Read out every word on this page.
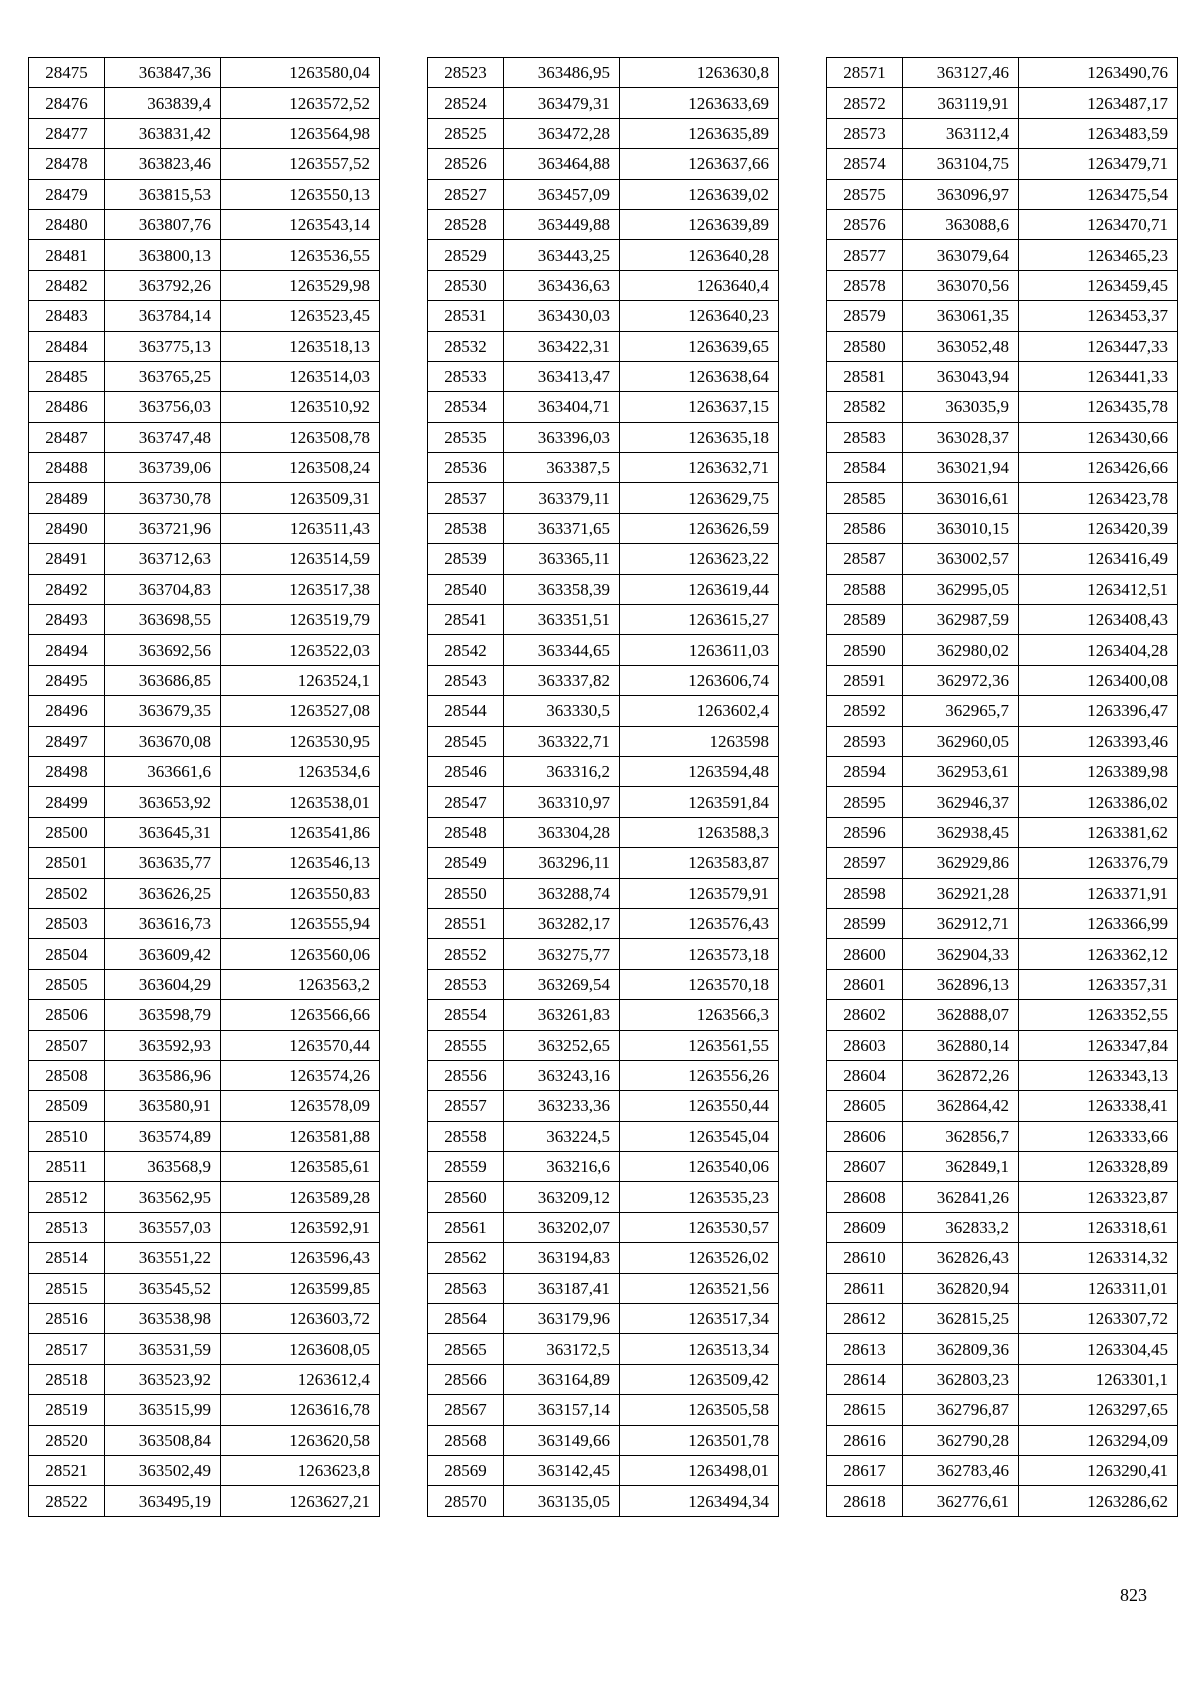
28475	363847,36	1263580,04
28476	363839,4	1263572,52
28477	363831,42	1263564,98
28478	363823,46	1263557,52
28479	363815,53	1263550,13
28480	363807,76	1263543,14
28481	363800,13	1263536,55
28482	363792,26	1263529,98
28483	363784,14	1263523,45
28484	363775,13	1263518,13
28485	363765,25	1263514,03
28486	363756,03	1263510,92
28487	363747,48	1263508,78
28488	363739,06	1263508,24
28489	363730,78	1263509,31
28490	363721,96	1263511,43
28491	363712,63	1263514,59
28492	363704,83	1263517,38
28493	363698,55	1263519,79
28494	363692,56	1263522,03
28495	363686,85	1263524,1
28496	363679,35	1263527,08
28497	363670,08	1263530,95
28498	363661,6	1263534,6
28499	363653,92	1263538,01
28500	363645,31	1263541,86
28501	363635,77	1263546,13
28502	363626,25	1263550,83
28503	363616,73	1263555,94
28504	363609,42	1263560,06
28505	363604,29	1263563,2
28506	363598,79	1263566,66
28507	363592,93	1263570,44
28508	363586,96	1263574,26
28509	363580,91	1263578,09
28510	363574,89	1263581,88
28511	363568,9	1263585,61
28512	363562,95	1263589,28
28513	363557,03	1263592,91
28514	363551,22	1263596,43
28515	363545,52	1263599,85
28516	363538,98	1263603,72
28517	363531,59	1263608,05
28518	363523,92	1263612,4
28519	363515,99	1263616,78
28520	363508,84	1263620,58
28521	363502,49	1263623,8
28522	363495,19	1263627,21
28523	363486,95	1263630,8
28524	363479,31	1263633,69
28525	363472,28	1263635,89
28526	363464,88	1263637,66
28527	363457,09	1263639,02
28528	363449,88	1263639,89
28529	363443,25	1263640,28
28530	363436,63	1263640,4
28531	363430,03	1263640,23
28532	363422,31	1263639,65
28533	363413,47	1263638,64
28534	363404,71	1263637,15
28535	363396,03	1263635,18
28536	363387,5	1263632,71
28537	363379,11	1263629,75
28538	363371,65	1263626,59
28539	363365,11	1263623,22
28540	363358,39	1263619,44
28541	363351,51	1263615,27
28542	363344,65	1263611,03
28543	363337,82	1263606,74
28544	363330,5	1263602,4
28545	363322,71	1263598
28546	363316,2	1263594,48
28547	363310,97	1263591,84
28548	363304,28	1263588,3
28549	363296,11	1263583,87
28550	363288,74	1263579,91
28551	363282,17	1263576,43
28552	363275,77	1263573,18
28553	363269,54	1263570,18
28554	363261,83	1263566,3
28555	363252,65	1263561,55
28556	363243,16	1263556,26
28557	363233,36	1263550,44
28558	363224,5	1263545,04
28559	363216,6	1263540,06
28560	363209,12	1263535,23
28561	363202,07	1263530,57
28562	363194,83	1263526,02
28563	363187,41	1263521,56
28564	363179,96	1263517,34
28565	363172,5	1263513,34
28566	363164,89	1263509,42
28567	363157,14	1263505,58
28568	363149,66	1263501,78
28569	363142,45	1263498,01
28570	363135,05	1263494,34
28571	363127,46	1263490,76
28572	363119,91	1263487,17
28573	363112,4	1263483,59
28574	363104,75	1263479,71
28575	363096,97	1263475,54
28576	363088,6	1263470,71
28577	363079,64	1263465,23
28578	363070,56	1263459,45
28579	363061,35	1263453,37
28580	363052,48	1263447,33
28581	363043,94	1263441,33
28582	363035,9	1263435,78
28583	363028,37	1263430,66
28584	363021,94	1263426,66
28585	363016,61	1263423,78
28586	363010,15	1263420,39
28587	363002,57	1263416,49
28588	362995,05	1263412,51
28589	362987,59	1263408,43
28590	362980,02	1263404,28
28591	362972,36	1263400,08
28592	362965,7	1263396,47
28593	362960,05	1263393,46
28594	362953,61	1263389,98
28595	362946,37	1263386,02
28596	362938,45	1263381,62
28597	362929,86	1263376,79
28598	362921,28	1263371,91
28599	362912,71	1263366,99
28600	362904,33	1263362,12
28601	362896,13	1263357,31
28602	362888,07	1263352,55
28603	362880,14	1263347,84
28604	362872,26	1263343,13
28605	362864,42	1263338,41
28606	362856,7	1263333,66
28607	362849,1	1263328,89
28608	362841,26	1263323,87
28609	362833,2	1263318,61
28610	362826,43	1263314,32
28611	362820,94	1263311,01
28612	362815,25	1263307,72
28613	362809,36	1263304,45
28614	362803,23	1263301,1
28615	362796,87	1263297,65
28616	362790,28	1263294,09
28617	362783,46	1263290,41
28618	362776,61	1263286,62
823
